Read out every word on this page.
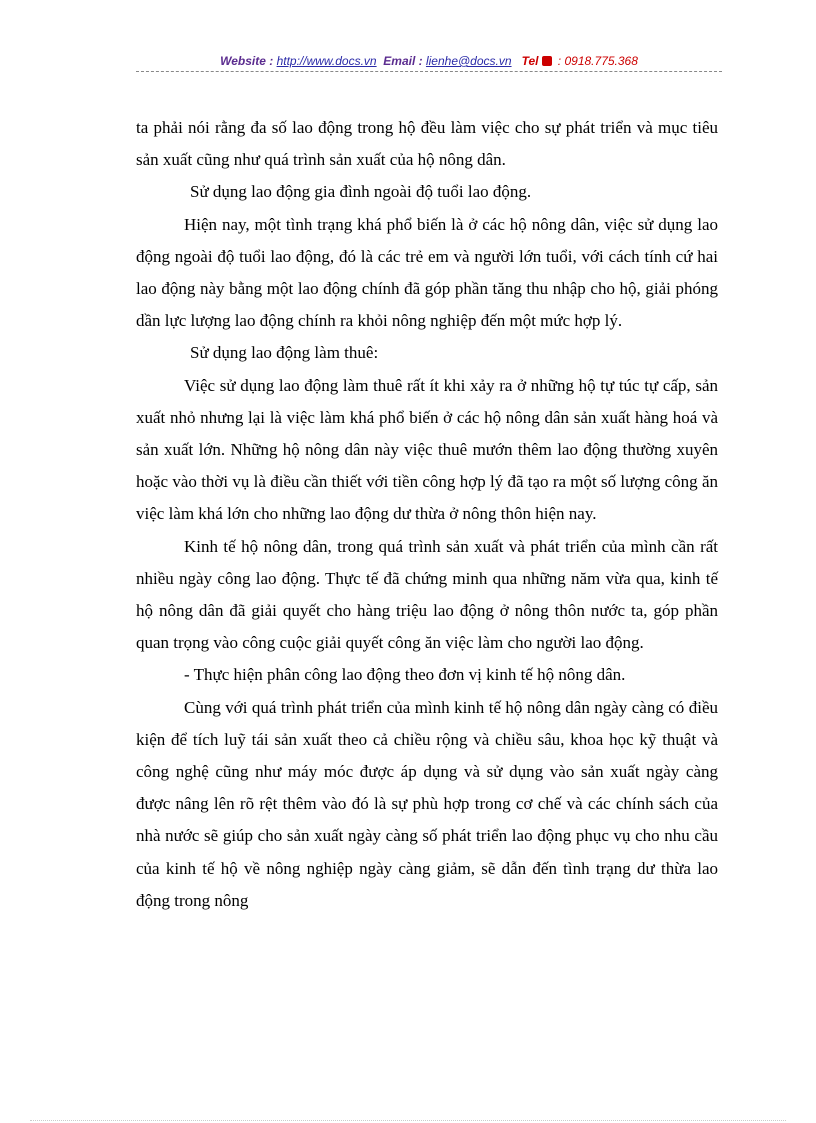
Website : http://www.docs.vn Email : lienhe@docs.vn Tel : 0918.775.368

ta phải nói rằng đa số lao động trong hộ đều làm việc cho sự phát triển và mục tiêu sản xuất cũng như quá trình sản xuất của hộ nông dân.

Sử dụng lao động gia đình ngoài độ tuổi lao động.

Hiện nay, một tình trạng khá phổ biến là ở các hộ nông dân, việc sử dụng lao động ngoài độ tuổi lao động, đó là các trẻ em và người lớn tuổi, với cách tính cứ hai lao động này bằng một lao động chính đã góp phần tăng thu nhập cho hộ, giải phóng dần lực lượng lao động chính ra khỏi nông nghiệp đến một mức hợp lý.

Sử dụng lao động làm thuê:

Việc sử dụng lao động làm thuê rất ít khi xảy ra ở những hộ tự túc tự cấp, sản xuất nhỏ nhưng lại là việc làm khá phổ biến ở các hộ nông dân sản xuất hàng hoá và sản xuất lớn. Những hộ nông dân này việc thuê mướn thêm lao động thường xuyên hoặc vào thời vụ là điều cần thiết với tiền công hợp lý đã tạo ra một số lượng công ăn việc làm khá lớn cho những lao động dư thừa ở nông thôn hiện nay.

Kinh tế hộ nông dân, trong quá trình sản xuất và phát triển của mình cần rất nhiều ngày công lao động. Thực tế đã chứng minh qua những năm vừa qua, kinh tế hộ nông dân đã giải quyết cho hàng triệu lao động ở nông thôn nước ta, góp phần quan trọng vào công cuộc giải quyết công ăn việc làm cho người lao động.

- Thực hiện phân công lao động theo đơn vị kinh tế hộ nông dân.

Cùng với quá trình phát triển của mình kinh tế hộ nông dân ngày càng có điều kiện để tích luỹ tái sản xuất theo cả chiều rộng và chiều sâu, khoa học kỹ thuật và công nghệ cũng như máy móc được áp dụng và sử dụng vào sản xuất ngày càng được nâng lên rõ rệt thêm vào đó là sự phù hợp trong cơ chế và các chính sách của nhà nước sẽ giúp cho sản xuất ngày càng số phát triển lao động phục vụ cho nhu cầu của kinh tế hộ về nông nghiệp ngày càng giảm, sẽ dẫn đến tình trạng dư thừa lao động trong nông
